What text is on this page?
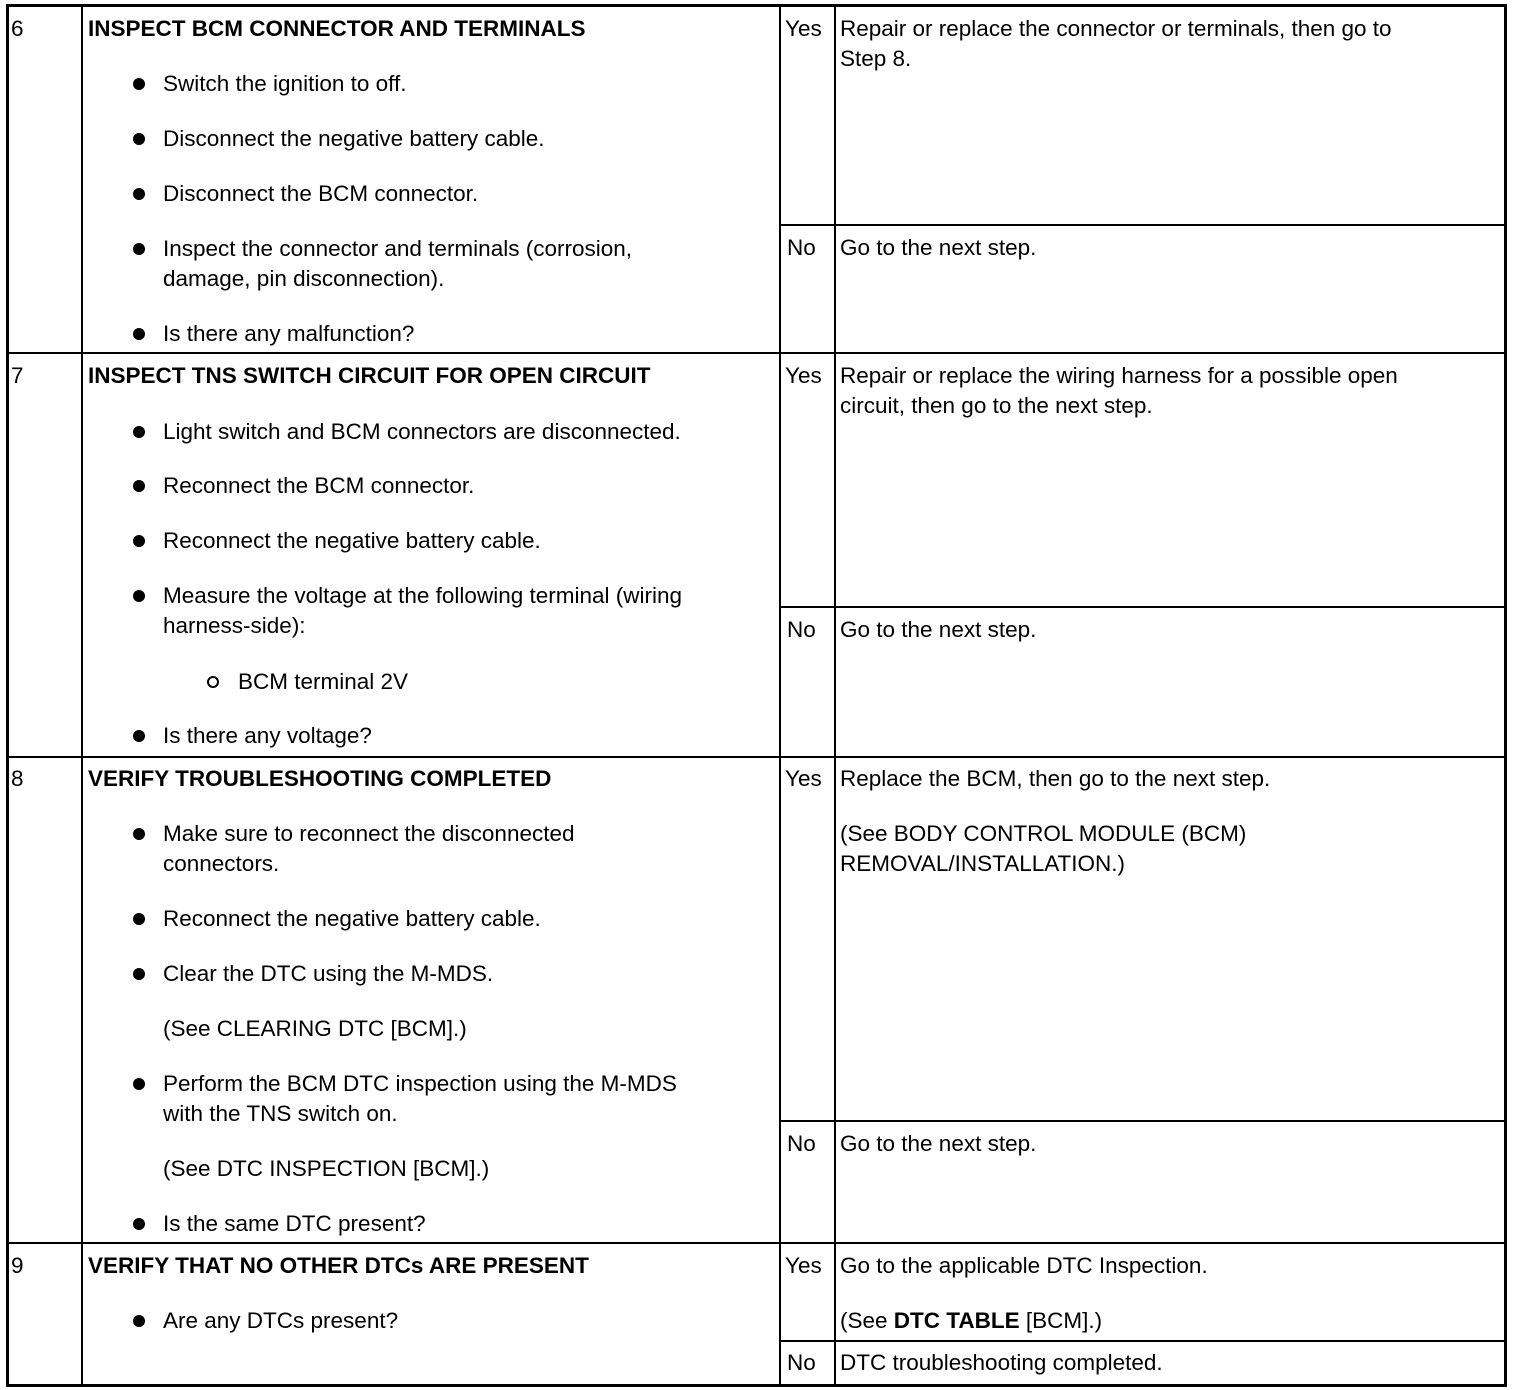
6	INSPECT BCM CONNECTOR AND TERMINALS
Switch the ignition to off.
Disconnect the negative battery cable.
Disconnect the BCM connector.
Inspect the connector and terminals (corrosion,
damage, pin disconnection).
Is there any malfunction?
Yes Repair or replace the connector or terminals, then go to
Step 8.
No Go to the next step.
7	INSPECT TNS SWITCH CIRCUIT FOR OPEN CIRCUIT
Light switch and BCM connectors are disconnected.
Reconnect the BCM connector.
Reconnect the negative battery cable.
Measure the voltage at the following terminal (wiring
harness-side):
BCM terminal 2V
Is there any voltage?
Yes Repair or replace the wiring harness for a possible open
circuit, then go to the next step.
No Go to the next step.
8	VERIFY TROUBLESHOOTING COMPLETED
Make sure to reconnect the disconnected
connectors.
Reconnect the negative battery cable.
Clear the DTC using the M-MDS.
(See CLEARING DTC [BCM].)
Perform the BCM DTC inspection using the M-MDS
with the TNS switch on.
(See DTC INSPECTION [BCM].)
Is the same DTC present?
Yes Replace the BCM, then go to the next step.
(See BODY CONTROL MODULE (BCM)
REMOVAL/INSTALLATION.)
No Go to the next step.
9	VERIFY THAT NO OTHER DTCs ARE PRESENT
Are any DTCs present?
Yes Go to the applicable DTC Inspection.
(See DTC TABLE [BCM].)
No DTC troubleshooting completed.
